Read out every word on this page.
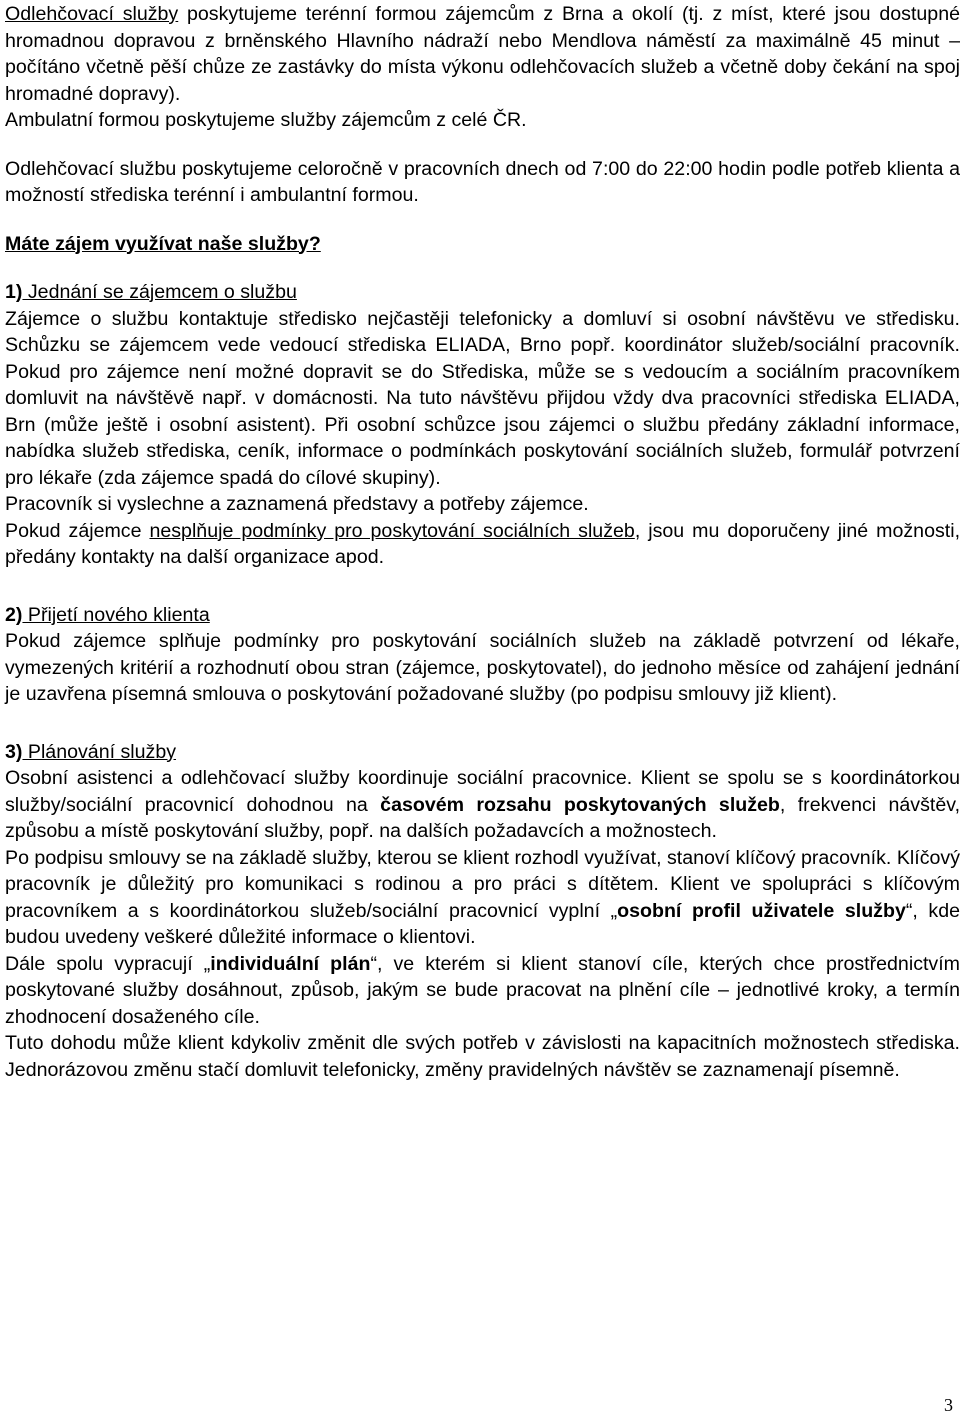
Odlehčovací služby poskytujeme terénní formou zájemcům z Brna a okolí (tj. z míst, které jsou dostupné hromadnou dopravou z brněnského Hlavního nádraží nebo Mendlova náměstí za maximálně 45 minut – počítáno včetně pěší chůze ze zastávky do místa výkonu odlehčovacích služeb a včetně doby čekání na spoj hromadné dopravy).

Ambulatní formou poskytujeme služby zájemcům z celé ČR.

Odlehčovací službu poskytujeme celoročně v pracovních dnech od 7:00 do 22:00 hodin podle potřeb klienta a možností střediska terénní i ambulantní formou.

Máte zájem využívat naše služby?

1) Jednání se zájemcem o službu

Zájemce o službu kontaktuje středisko nejčastěji telefonicky a domluví si osobní návštěvu ve středisku. Schůzku se zájemcem vede vedoucí střediska ELIADA, Brno popř. koordinátor služeb/sociální pracovník. Pokud pro zájemce není možné dopravit se do Střediska, může se s vedoucím a sociálním pracovníkem domluvit na návštěvě např. v domácnosti. Na tuto návštěvu přijdou vždy dva pracovníci střediska ELIADA, Brn (může ještě i osobní asistent). Při osobní schůzce jsou zájemci o službu předány základní informace, nabídka služeb střediska, ceník, informace o podmínkách poskytování sociálních služeb, formulář potvrzení pro lékaře (zda zájemce spadá do cílové skupiny).

Pracovník si vyslechne a zaznamená představy a potřeby zájemce.

Pokud zájemce nesplňuje podmínky pro poskytování sociálních služeb, jsou mu doporučeny jiné možnosti, předány kontakty na další organizace apod.

2) Přijetí nového klienta

Pokud zájemce splňuje podmínky pro poskytování sociálních služeb na základě potvrzení od lékaře, vymezených kritérií a rozhodnutí obou stran (zájemce, poskytovatel), do jednoho měsíce od zahájení jednání je uzavřena písemná smlouva o poskytování požadované služby (po podpisu smlouvy již klient).

3) Plánování služby

Osobní asistenci a odlehčovací služby koordinuje sociální pracovnice. Klient se spolu se s koordinátorkou služby/sociální pracovnicí dohodnou na časovém rozsahu poskytovaných služeb, frekvenci návštěv, způsobu a místě poskytování služby, popř. na dalších požadavcích a možnostech.

Po podpisu smlouvy se na základě služby, kterou se klient rozhodl využívat, stanoví klíčový pracovník. Klíčový pracovník je důležitý pro komunikaci s rodinou a pro práci s dítětem. Klient ve spolupráci s klíčovým pracovníkem a s koordinátorkou služeb/sociální pracovnicí vyplní „osobní profil uživatele služby“, kde budou uvedeny veškeré důležité informace o klientovi.

Dále spolu vypracují „individuální plán“, ve kterém si klient stanoví cíle, kterých chce prostřednictvím poskytované služby dosáhnout, způsob, jakým se bude pracovat na plnění cíle – jednotlivé kroky, a termín zhodnocení dosaženého cíle.

Tuto dohodu může klient kdykoliv změnit dle svých potřeb v závislosti na kapacitních možnostech střediska. Jednorázovou změnu stačí domluvit telefonicky, změny pravidelných návštěv se zaznamenají písemně.

3
